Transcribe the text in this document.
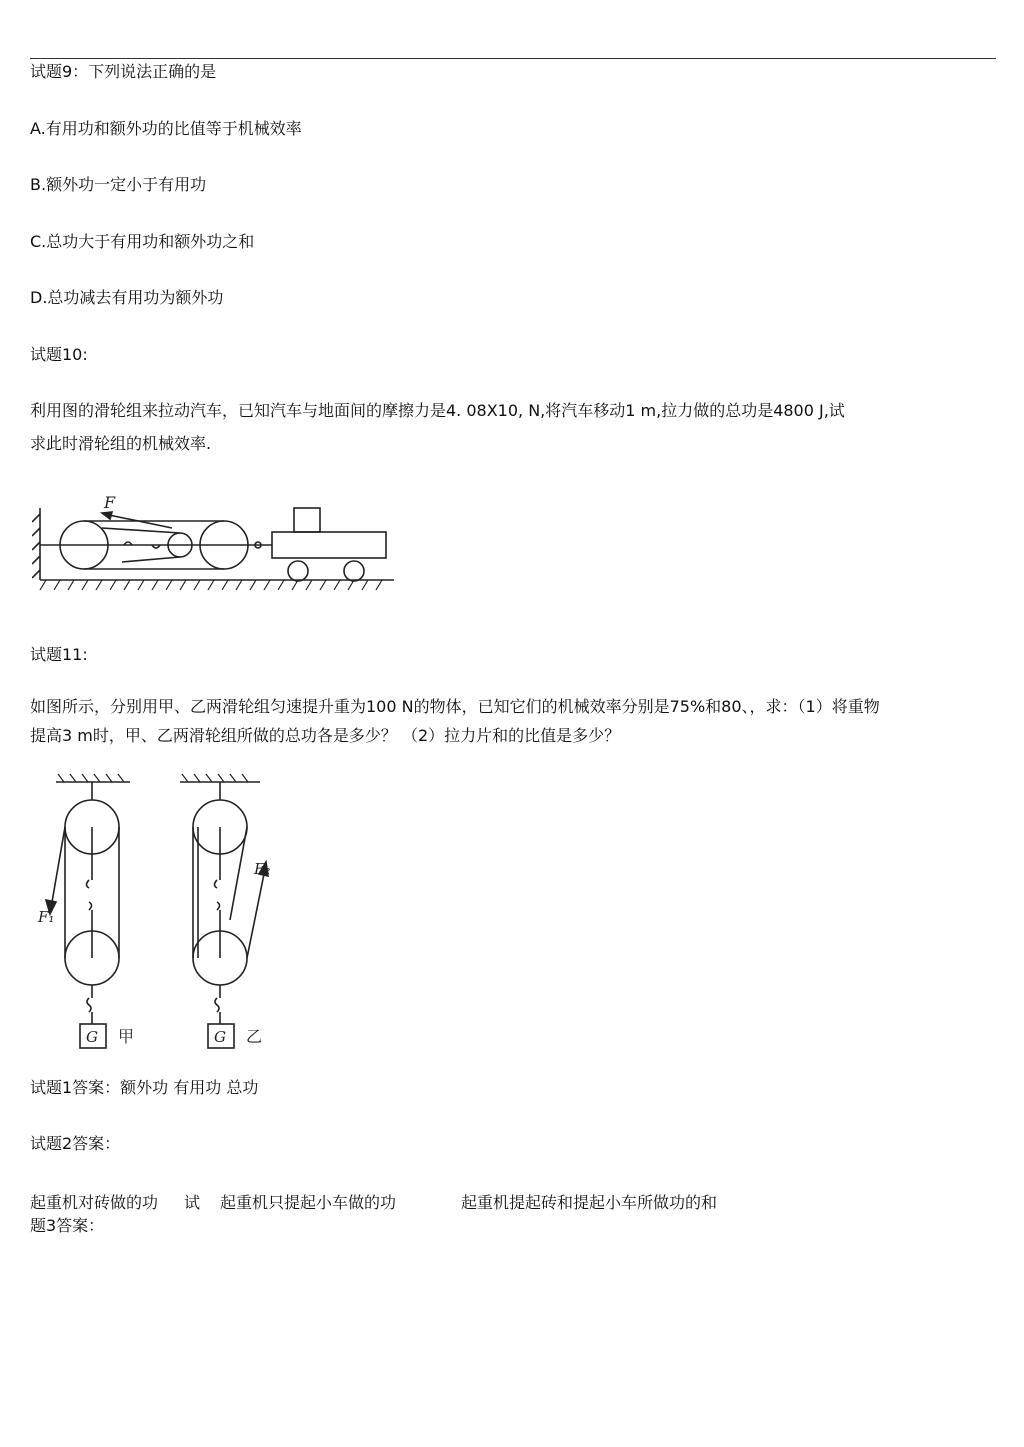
试题9：下列说法正确的是
A.有用功和额外功的比值等于机械效率
B.额外功一定小于有用功
C.总功大于有用功和额外功之和
D.总功减去有用功为额外功
试题10:
利用图的滑轮组来拉动汽车，已知汽车与地面间的摩擦力是4. 08X10, N,将汽车移动1 m,拉力做的总功是4800 J,试
求此时滑轮组的机械效率.
F
试题11:
如图所示，分别用甲、乙两滑轮组匀速提升重为100 N的物体，已知它们的机械效率分别是75%和80、，求：（1）将重物
提高3 m时，甲、乙两滑轮组所做的总功各是多少？ （2）拉力片和的比值是多少？
F₁
F₂
G	G
甲	乙
试题1答案：额外功 有用功 总功
试题2答案：
起重机对砖做的功 试 起重机只提起小车做的功	起重机提起砖和提起小车所做功的和
题3答案：
